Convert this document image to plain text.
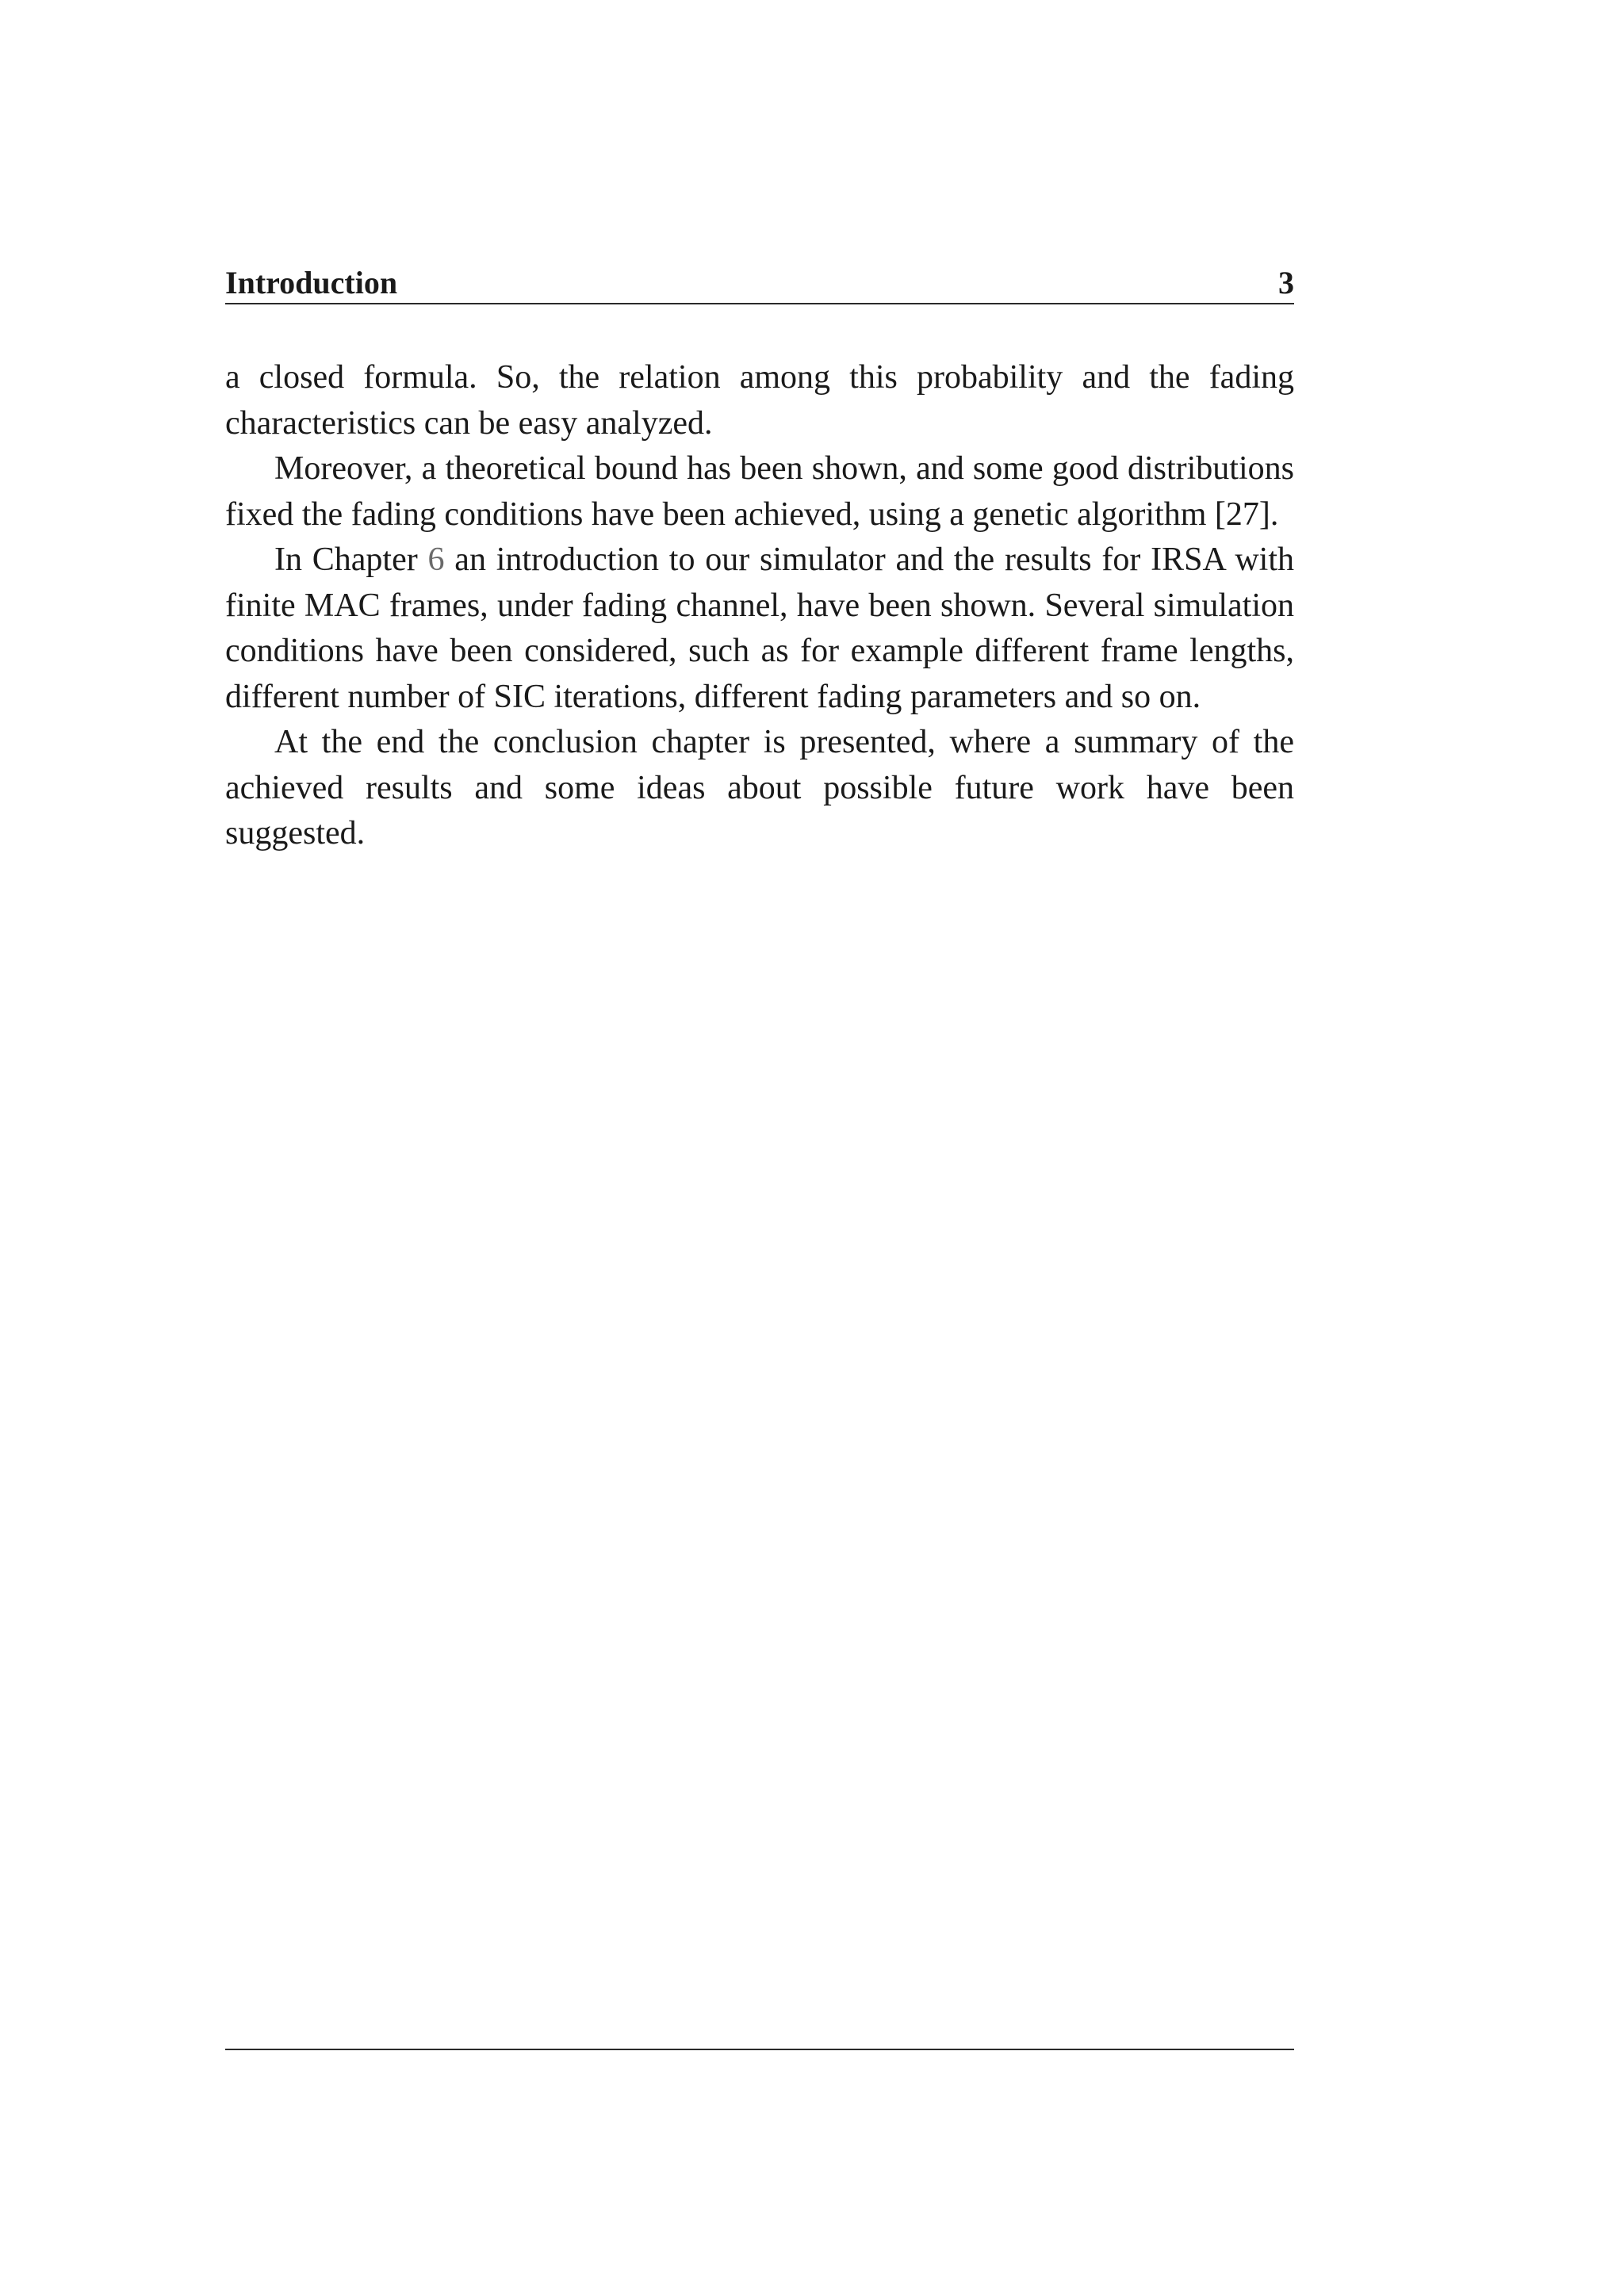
Introduction	3

a closed formula. So, the relation among this probability and the fading characteristics can be easy analyzed.

Moreover, a theoretical bound has been shown, and some good distributions fixed the fading conditions have been achieved, using a genetic algorithm [27].

In Chapter 6 an introduction to our simulator and the results for IRSA with finite MAC frames, under fading channel, have been shown. Several simulation conditions have been considered, such as for example different frame lengths, different number of SIC iterations, different fading parameters and so on.

At the end the conclusion chapter is presented, where a summary of the achieved results and some ideas about possible future work have been suggested.
